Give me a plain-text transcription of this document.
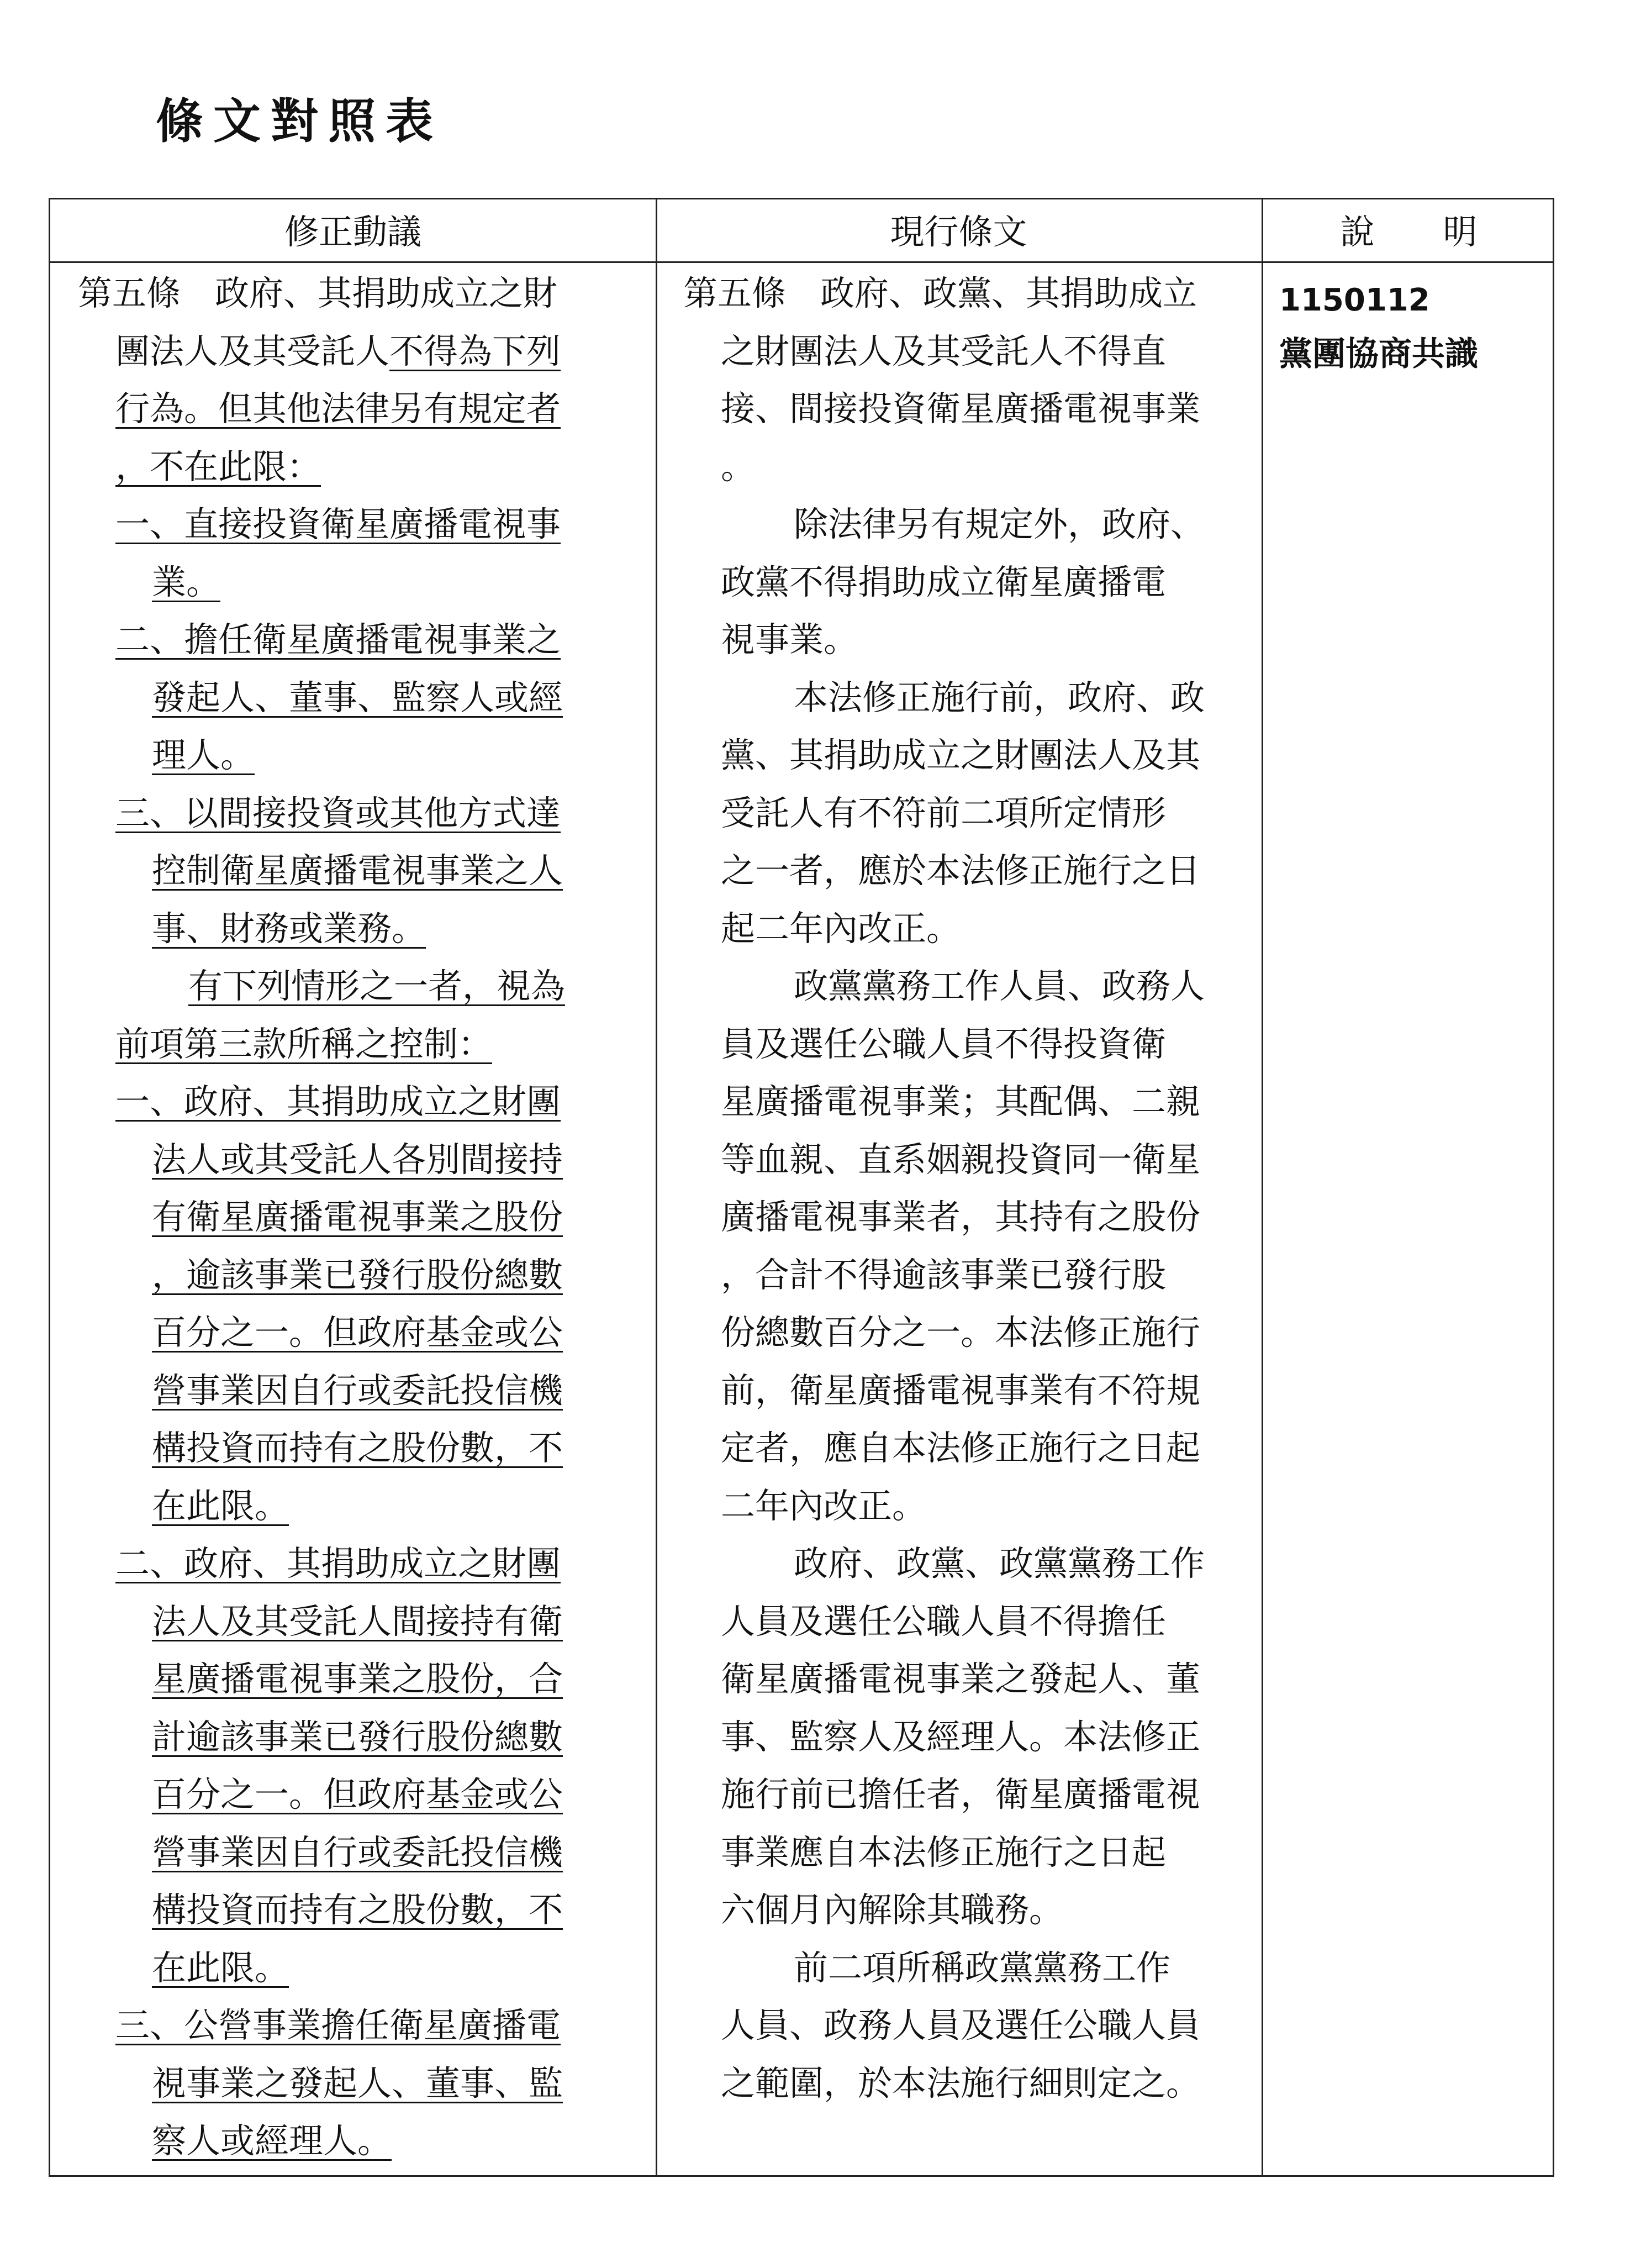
條文對照表
修正動議	現行條文	說　　明
第五條　政府、其捐助成立之財
團法人及其受託人不得為下列
行為。但其他法律另有規定者
，不在此限：
一、直接投資衛星廣播電視事
業。
二、擔任衛星廣播電視事業之
發起人、董事、監察人或經
理人。
三、以間接投資或其他方式達
控制衛星廣播電視事業之人
事、財務或業務。
有下列情形之一者，視為
前項第三款所稱之控制：
一、政府、其捐助成立之財團
法人或其受託人各別間接持
有衛星廣播電視事業之股份
，逾該事業已發行股份總數
百分之一。但政府基金或公
營事業因自行或委託投信機
構投資而持有之股份數，不
在此限。
二、政府、其捐助成立之財團
法人及其受託人間接持有衛
星廣播電視事業之股份，合
計逾該事業已發行股份總數
百分之一。但政府基金或公
營事業因自行或委託投信機
構投資而持有之股份數，不
在此限。
三、公營事業擔任衛星廣播電
視事業之發起人、董事、監
察人或經理人。
第五條　政府、政黨、其捐助成立
之財團法人及其受託人不得直
接、間接投資衛星廣播電視事業
。
除法律另有規定外，政府、
政黨不得捐助成立衛星廣播電
視事業。
本法修正施行前，政府、政
黨、其捐助成立之財團法人及其
受託人有不符前二項所定情形
之一者，應於本法修正施行之日
起二年內改正。
政黨黨務工作人員、政務人
員及選任公職人員不得投資衛
星廣播電視事業；其配偶、二親
等血親、直系姻親投資同一衛星
廣播電視事業者，其持有之股份
，合計不得逾該事業已發行股
份總數百分之一。本法修正施行
前，衛星廣播電視事業有不符規
定者，應自本法修正施行之日起
二年內改正。
政府、政黨、政黨黨務工作
人員及選任公職人員不得擔任
衛星廣播電視事業之發起人、董
事、監察人及經理人。本法修正
施行前已擔任者，衛星廣播電視
事業應自本法修正施行之日起
六個月內解除其職務。
前二項所稱政黨黨務工作
人員、政務人員及選任公職人員
之範圍，於本法施行細則定之。
1150112
黨團協商共識
